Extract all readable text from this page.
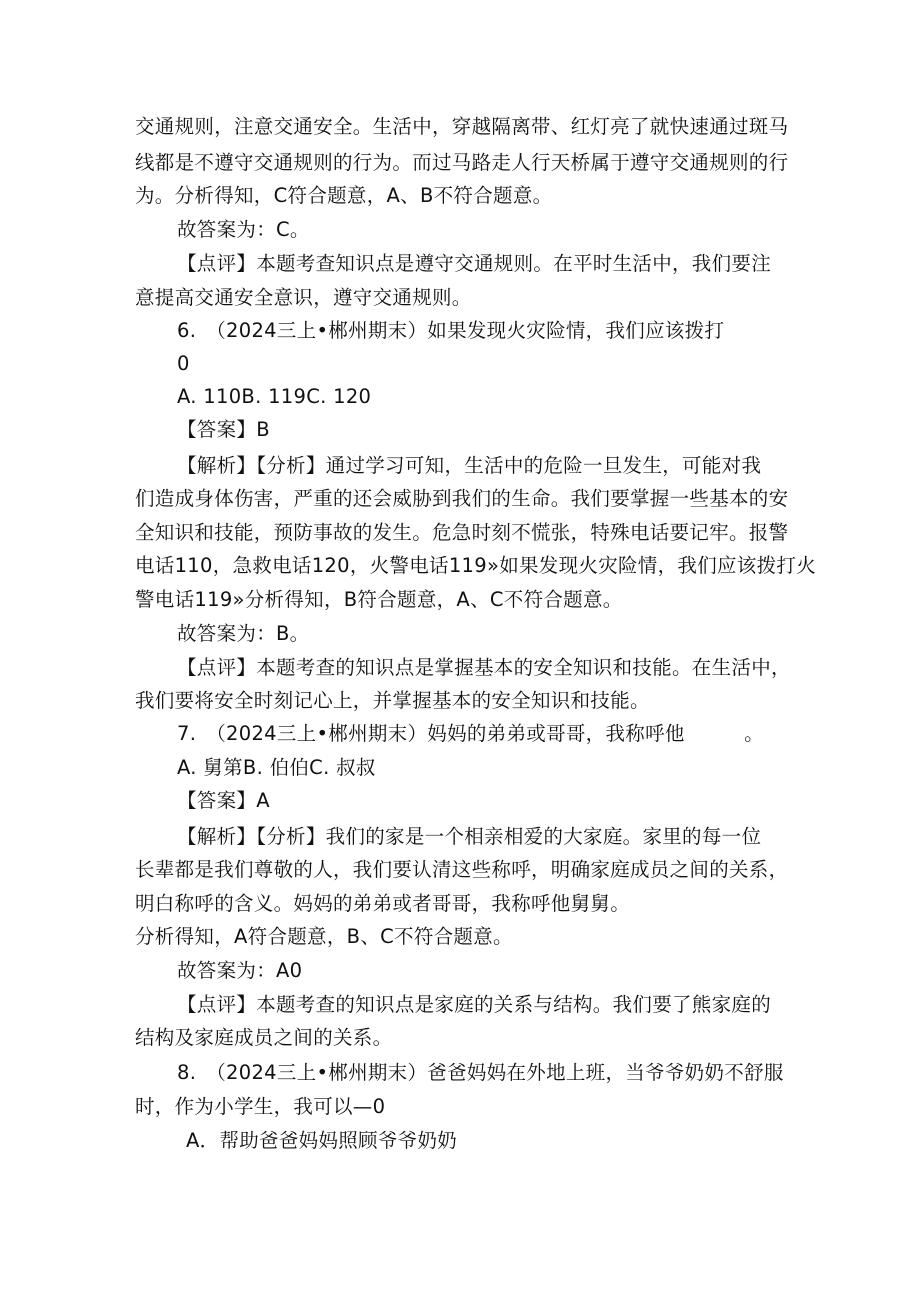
交通规则，注意交通安全。生活中，穿越隔离带、红灯亮了就快速通过斑马
线都是不遵守交通规则的行为。而过马路走人行天桥属于遵守交通规则的行
为。分析得知，C符合题意，A、B不符合题意。
故答案为：C。
【点评】本题考查知识点是遵守交通规则。在平时生活中，我们要注
意提高交通安全意识，遵守交通规则。
6.　（2024三上•郴州期末）如果发现火灾险情，我们应该拨打
0
A. 110B. 119C. 120
【答案】B
【解析】【分析】通过学习可知，生活中的危险一旦发生，可能对我
们造成身体伤害，严重的还会威胁到我们的生命。我们要掌握一些基本的安
全知识和技能，预防事故的发生。危急时刻不慌张，特殊电话要记牢。报警
电话110，急救电话120，火警电话119»如果发现火灾险情，我们应该拨打火
警电话119»分析得知，B符合题意，A、C不符合题意。
故答案为：B。
【点评】本题考查的知识点是掌握基本的安全知识和技能。在生活中，
我们要将安全时刻记心上，并掌握基本的安全知识和技能。
7.　（2024三上•郴州期末）妈妈的弟弟或哥哥，我称呼他　　　。
A. 舅第B. 伯伯C. 叔叔
【答案】A
【解析】【分析】我们的家是一个相亲相爱的大家庭。家里的每一位
长辈都是我们尊敬的人，我们要认清这些称呼，明确家庭成员之间的关系，
明白称呼的含义。妈妈的弟弟或者哥哥，我称呼他舅舅。
分析得知，A符合题意，B、C不符合题意。
故答案为：A0
【点评】本题考查的知识点是家庭的关系与结构。我们要了熊家庭的
结构及家庭成员之间的关系。
8.　（2024三上•郴州期末）爸爸妈妈在外地上班，当爷爷奶奶不舒服
时，作为小学生，我可以—0
A．帮助爸爸妈妈照顾爷爷奶奶
